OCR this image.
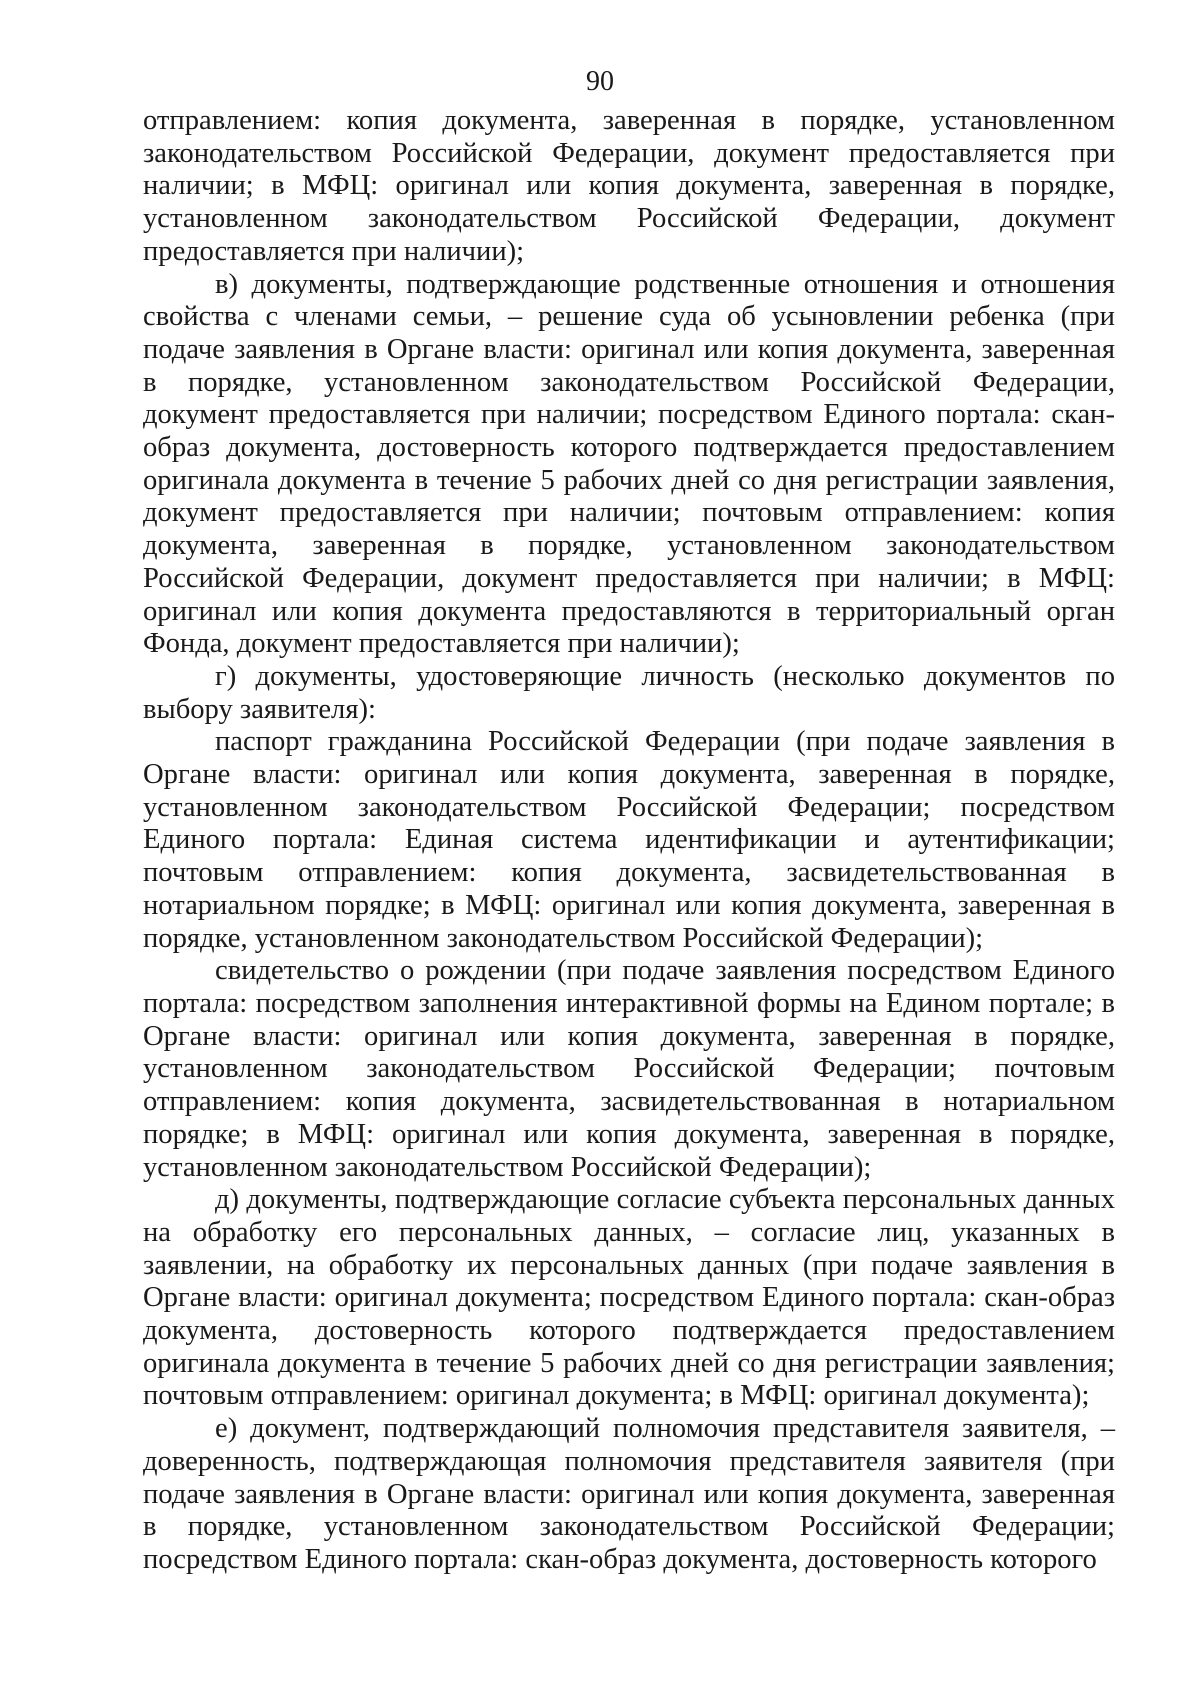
90

отправлением: копия документа, заверенная в порядке, установленном законодательством Российской Федерации, документ предоставляется при наличии; в МФЦ: оригинал или копия документа, заверенная в порядке, установленном законодательством Российской Федерации, документ предоставляется при наличии);

в) документы, подтверждающие родственные отношения и отношения свойства с членами семьи, – решение суда об усыновлении ребенка (при подаче заявления в Органе власти: оригинал или копия документа, заверенная в порядке, установленном законодательством Российской Федерации, документ предоставляется при наличии; посредством Единого портала: скан-образ документа, достоверность которого подтверждается предоставлением оригинала документа в течение 5 рабочих дней со дня регистрации заявления, документ предоставляется при наличии; почтовым отправлением: копия документа, заверенная в порядке, установленном законодательством Российской Федерации, документ предоставляется при наличии; в МФЦ: оригинал или копия документа предоставляются в территориальный орган Фонда, документ предоставляется при наличии);

г) документы, удостоверяющие личность (несколько документов по выбору заявителя):

паспорт гражданина Российской Федерации (при подаче заявления в Органе власти: оригинал или копия документа, заверенная в порядке, установленном законодательством Российской Федерации; посредством Единого портала: Единая система идентификации и аутентификации; почтовым отправлением: копия документа, засвидетельствованная в нотариальном порядке; в МФЦ: оригинал или копия документа, заверенная в порядке, установленном законодательством Российской Федерации);

свидетельство о рождении (при подаче заявления посредством Единого портала: посредством заполнения интерактивной формы на Едином портале; в Органе власти: оригинал или копия документа, заверенная в порядке, установленном законодательством Российской Федерации; почтовым отправлением: копия документа, засвидетельствованная в нотариальном порядке; в МФЦ: оригинал или копия документа, заверенная в порядке, установленном законодательством Российской Федерации);

д) документы, подтверждающие согласие субъекта персональных данных на обработку его персональных данных, – согласие лиц, указанных в заявлении, на обработку их персональных данных (при подаче заявления в Органе власти: оригинал документа; посредством Единого портала: скан-образ документа, достоверность которого подтверждается предоставлением оригинала документа в течение 5 рабочих дней со дня регистрации заявления; почтовым отправлением: оригинал документа; в МФЦ: оригинал документа);

е) документ, подтверждающий полномочия представителя заявителя, – доверенность, подтверждающая полномочия представителя заявителя (при подаче заявления в Органе власти: оригинал или копия документа, заверенная в порядке, установленном законодательством Российской Федерации; посредством Единого портала: скан-образ документа, достоверность которого
